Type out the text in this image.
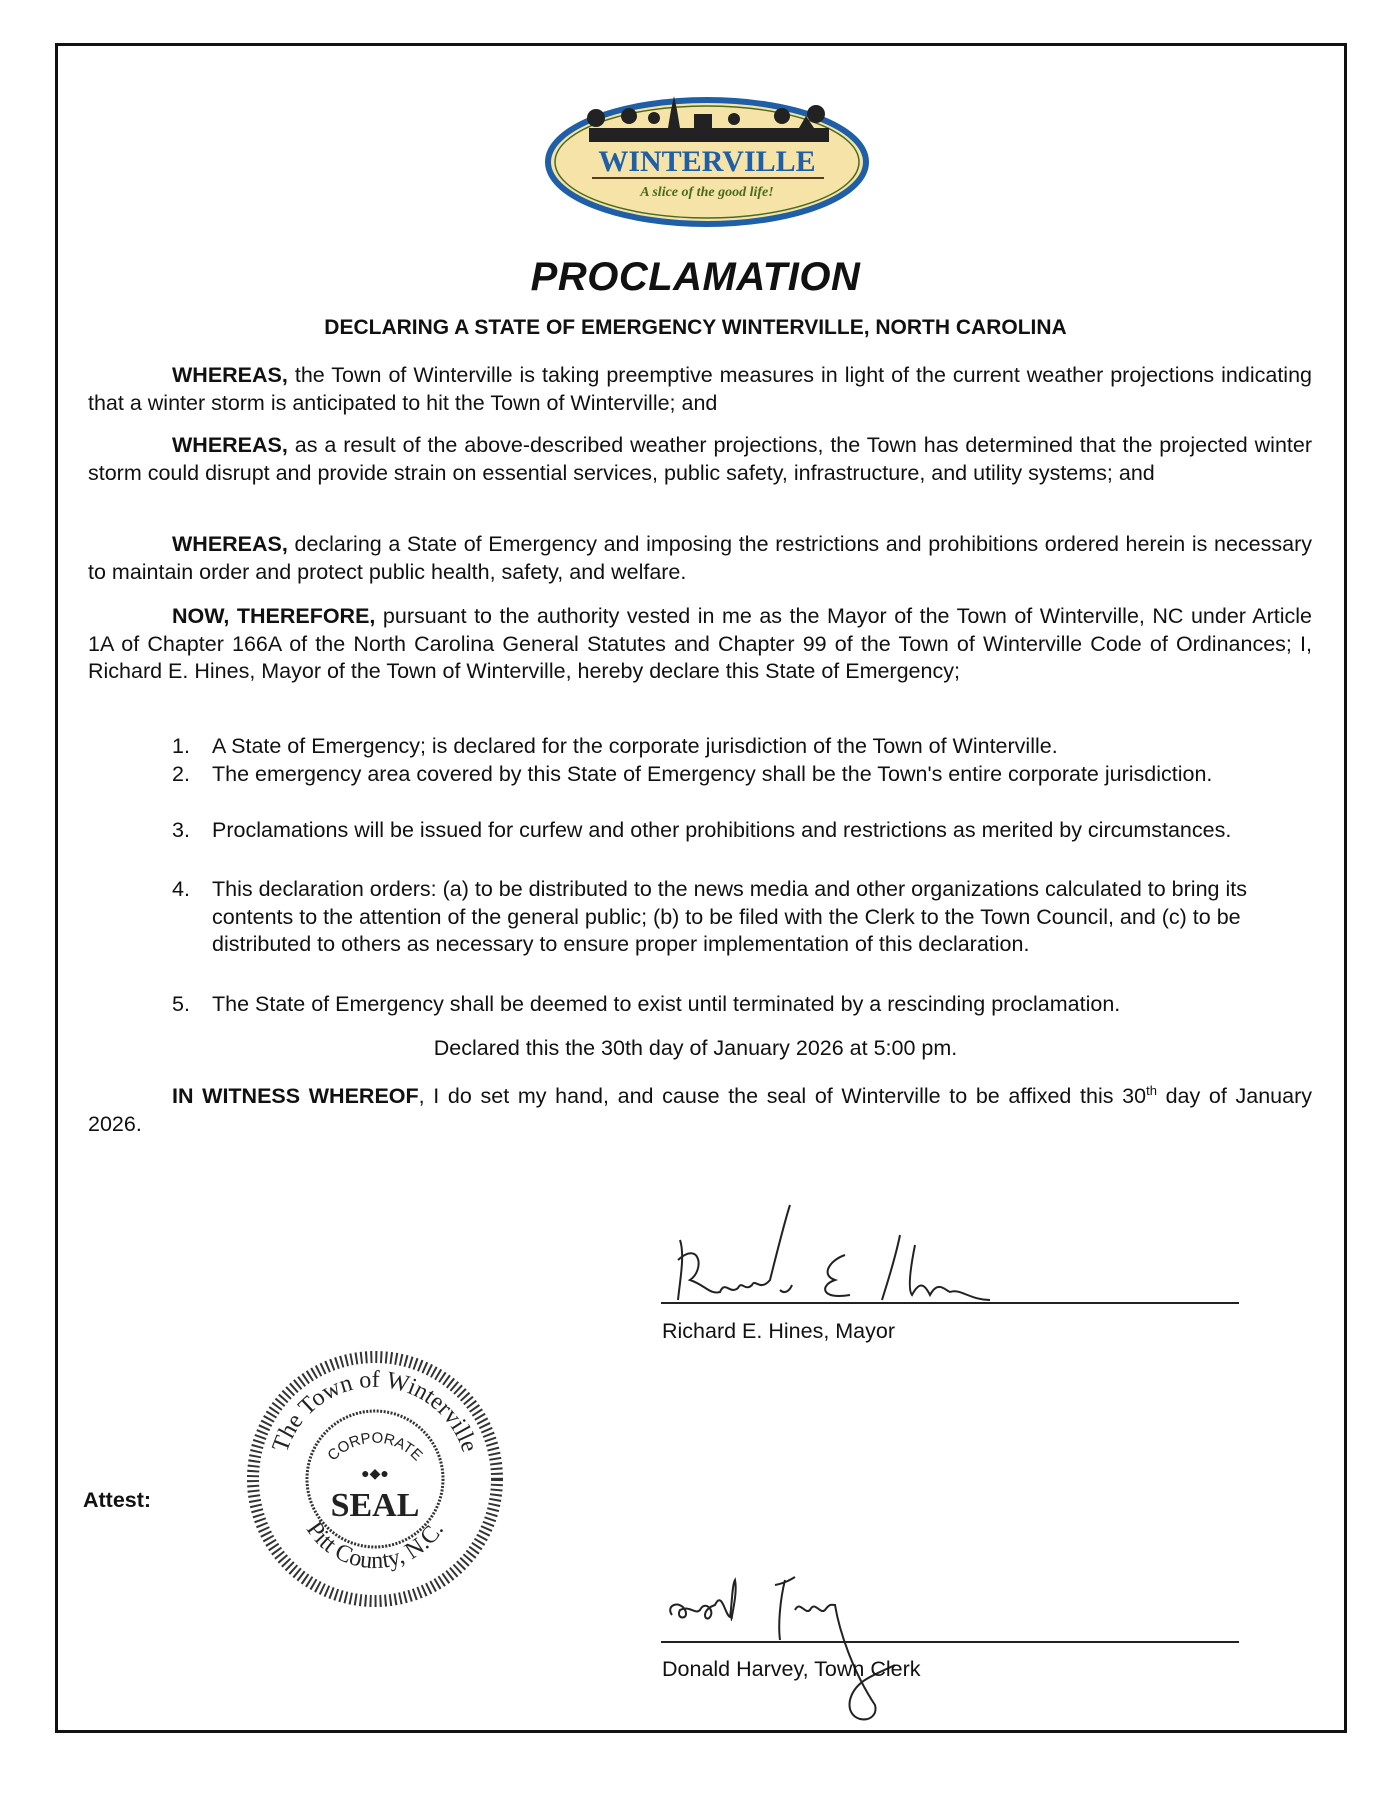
WINTERVILLE
A slice of the good life!
PROCLAMATION
DECLARING A STATE OF EMERGENCY WINTERVILLE, NORTH CAROLINA
WHEREAS, the Town of Winterville is taking preemptive measures in light of the current weather projections indicating that a winter storm is anticipated to hit the Town of Winterville; and
WHEREAS, as a result of the above-described weather projections, the Town has determined that the projected winter storm could disrupt and provide strain on essential services, public safety, infrastructure, and utility systems; and
WHEREAS, declaring a State of Emergency and imposing the restrictions and prohibitions ordered herein is necessary to maintain order and protect public health, safety, and welfare.
NOW, THEREFORE, pursuant to the authority vested in me as the Mayor of the Town of Winterville, NC under Article 1A of Chapter 166A of the North Carolina General Statutes and Chapter 99 of the Town of Winterville Code of Ordinances; I, Richard E. Hines, Mayor of the Town of Winterville, hereby declare this State of Emergency;
1. A State of Emergency; is declared for the corporate jurisdiction of the Town of Winterville.
2. The emergency area covered by this State of Emergency shall be the Town's entire corporate jurisdiction.
3. Proclamations will be issued for curfew and other prohibitions and restrictions as merited by circumstances.
4. This declaration orders: (a) to be distributed to the news media and other organizations calculated to bring its contents to the attention of the general public; (b) to be filed with the Clerk to the Town Council, and (c) to be distributed to others as necessary to ensure proper implementation of this declaration.
5. The State of Emergency shall be deemed to exist until terminated by a rescinding proclamation.
Declared this the 30th day of January 2026 at 5:00 pm.
IN WITNESS WHEREOF, I do set my hand, and cause the seal of Winterville to be affixed this 30th day of January 2026.
Richard E. Hines, Mayor
Attest:
The Town of Winterville
Pitt County, N.C.
CORPORATE
●◆●
SEAL
Donald Harvey, Town Clerk
